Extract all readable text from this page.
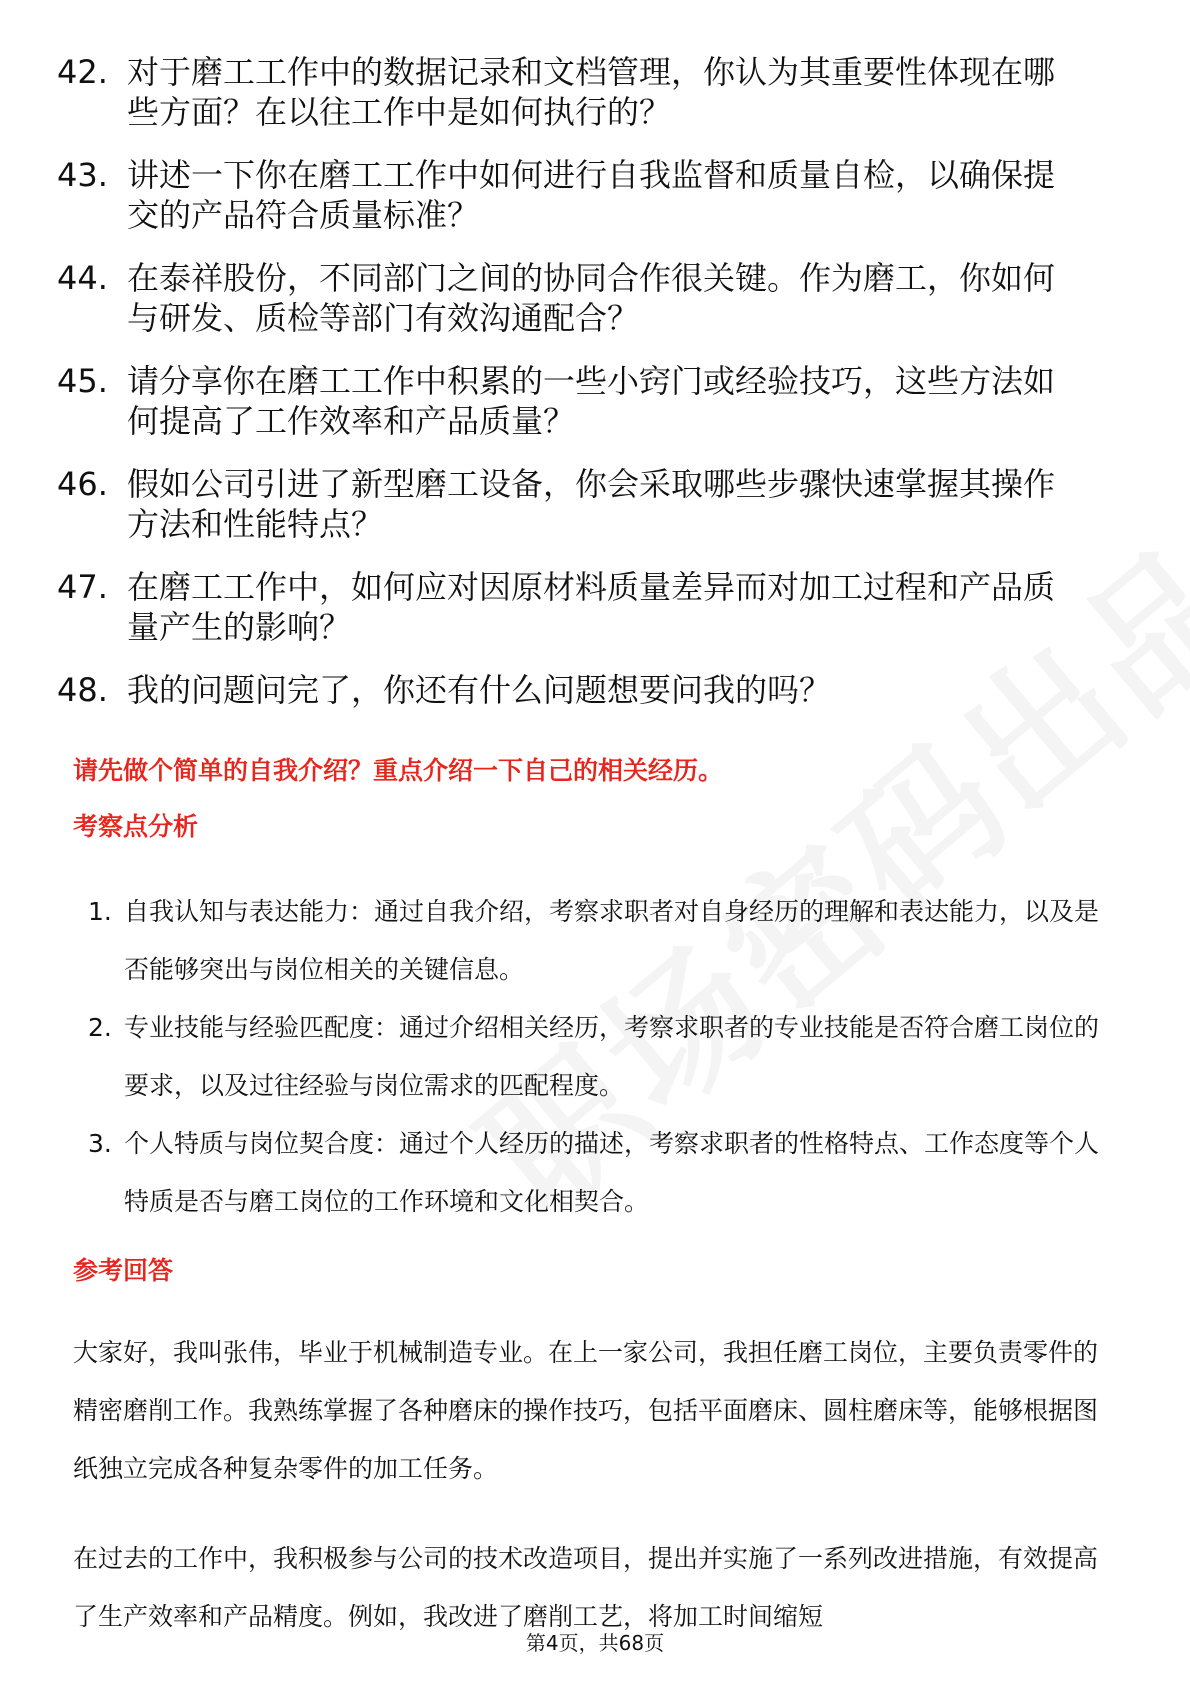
42. 对于磨工工作中的数据记录和文档管理，你认为其重要性体现在哪些方面？在以往工作中是如何执行的？
43. 讲述一下你在磨工工作中如何进行自我监督和质量自检，以确保提交的产品符合质量标准？
44. 在泰祥股份，不同部门之间的协同合作很关键。作为磨工，你如何与研发、质检等部门有效沟通配合？
45. 请分享你在磨工工作中积累的一些小窍门或经验技巧，这些方法如何提高了工作效率和产品质量？
46. 假如公司引进了新型磨工设备，你会采取哪些步骤快速掌握其操作方法和性能特点？
47. 在磨工工作中，如何应对因原材料质量差异而对加工过程和产品质量产生的影响？
48. 我的问题问完了，你还有什么问题想要问我的吗？
请先做个简单的自我介绍？重点介绍一下自己的相关经历。
考察点分析
1. 自我认知与表达能力：通过自我介绍，考察求职者对自身经历的理解和表达能力，以及是否能够突出与岗位相关的关键信息。
2. 专业技能与经验匹配度：通过介绍相关经历，考察求职者的专业技能是否符合磨工岗位的要求，以及过往经验与岗位需求的匹配程度。
3. 个人特质与岗位契合度：通过个人经历的描述，考察求职者的性格特点、工作态度等个人特质是否与磨工岗位的工作环境和文化相契合。
参考回答

大家好，我叫张伟，毕业于机械制造专业。在上一家公司，我担任磨工岗位，主要负责零件的精密磨削工作。我熟练掌握了各种磨床的操作技巧，包括平面磨床、圆柱磨床等，能够根据图纸独立完成各种复杂零件的加工任务。

在过去的工作中，我积极参与公司的技术改造项目，提出并实施了一系列改进措施，有效提高了生产效率和产品精度。例如，我改进了磨削工艺，将加工时间缩短

第4页，共68页
